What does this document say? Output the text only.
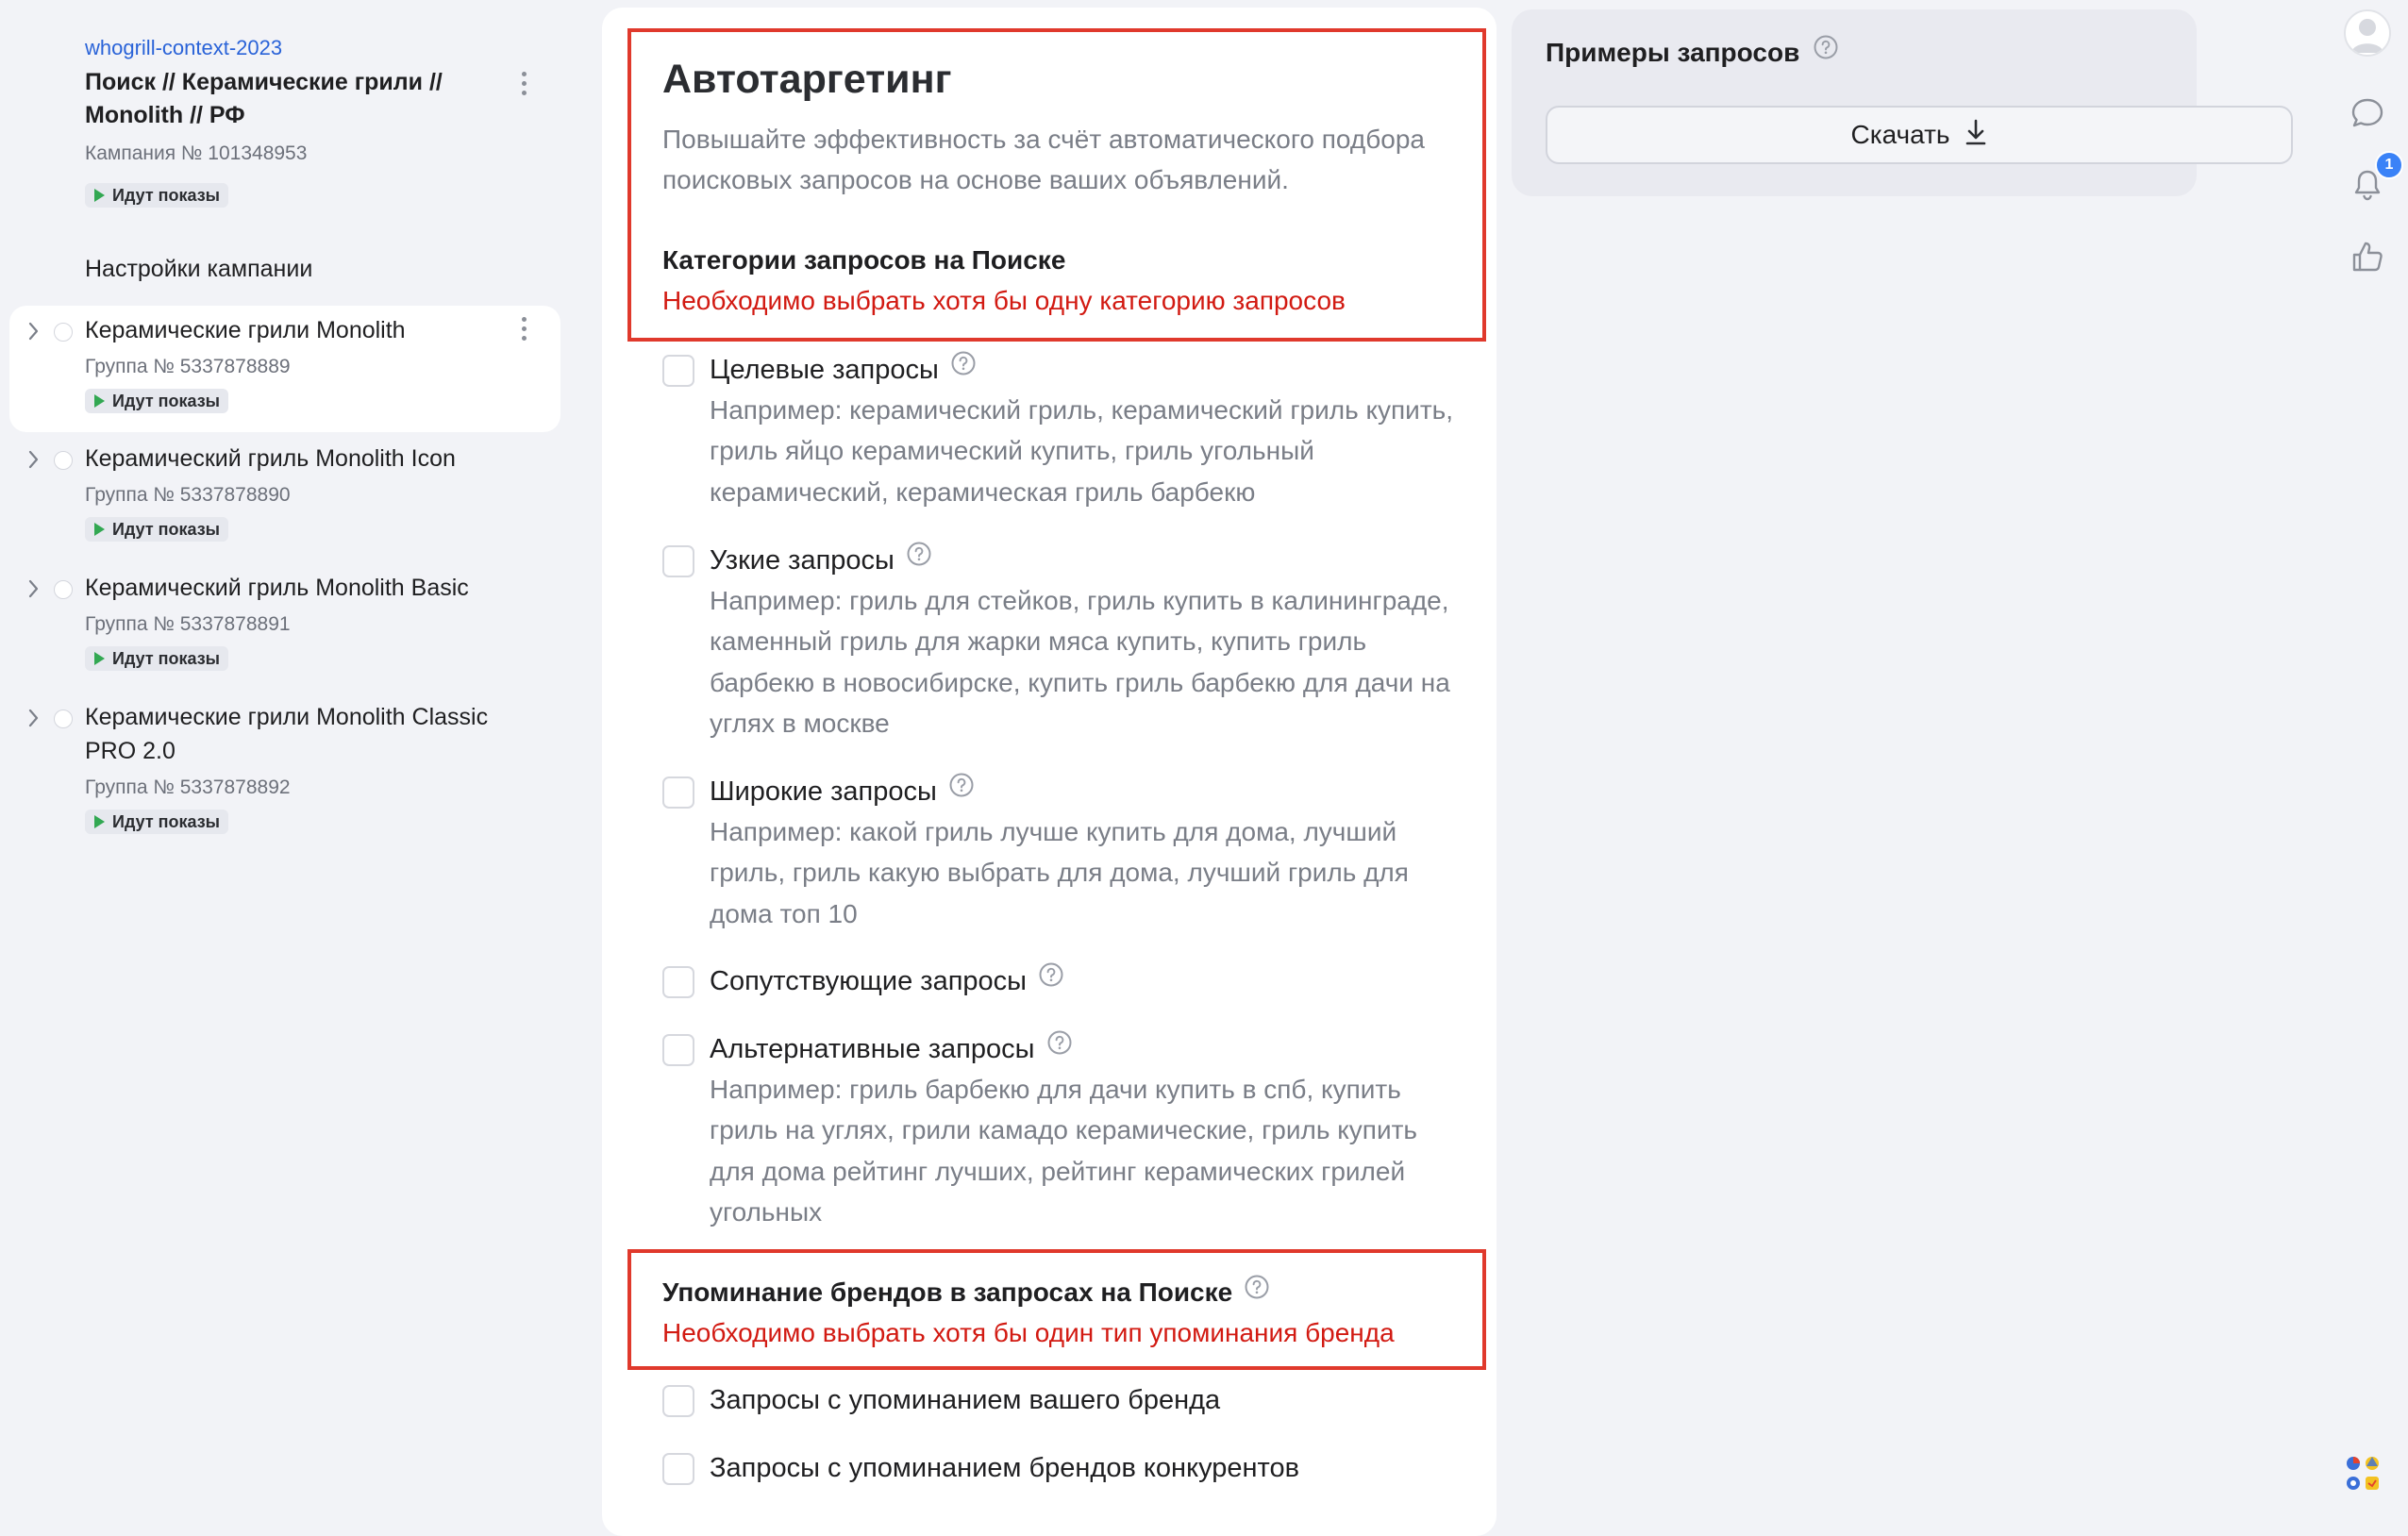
whogrill-context-2023
Поиск // Керамические грили // Monolith // РФ
Кампания № 101348953
Идут показы
Настройки кампании
Керамические грили Monolith
Группа № 5337878889
Идут показы
Керамический гриль Monolith Icon
Группа № 5337878890
Идут показы
Керамический гриль Monolith Basic
Группа № 5337878891
Идут показы
Керамические грили Monolith Classic PRO 2.0
Группа № 5337878892
Идут показы
Автотаргетинг
Повышайте эффективность за счёт автоматического подбора поисковых запросов на основе ваших объявлений.
Категории запросов на Поиске
Необходимо выбрать хотя бы одну категорию запросов
Целевые запросы
Например: керамический гриль, керамический гриль купить, гриль яйцо керамический купить, гриль угольный керамический, керамическая гриль барбекю
Узкие запросы
Например: гриль для стейков, гриль купить в калининграде, каменный гриль для жарки мяса купить, купить гриль барбекю в новосибирске, купить гриль барбекю для дачи на углях в москве
Широкие запросы
Например: какой гриль лучше купить для дома, лучший гриль, гриль какую выбрать для дома, лучший гриль для дома топ 10
Сопутствующие запросы
Альтернативные запросы
Например: гриль барбекю для дачи купить в спб, купить гриль на углях, грили камадо керамические, гриль купить для дома рейтинг лучших, рейтинг керамических грилей угольных
Упоминание брендов в запросах на Поиске
Необходимо выбрать хотя бы один тип упоминания бренда
Запросы с упоминанием вашего бренда
Запросы с упоминанием брендов конкурентов
Примеры запросов
Скачать
1
